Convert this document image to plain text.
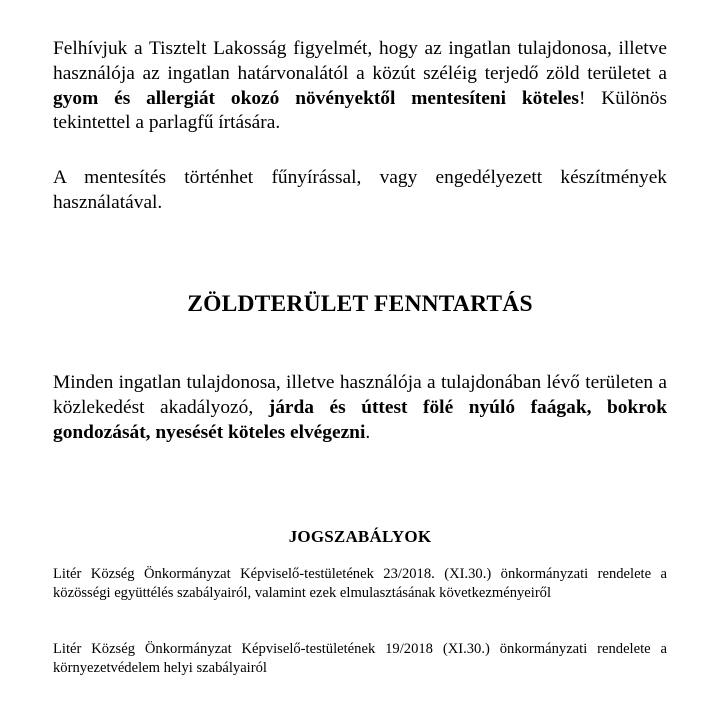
Felhívjuk a Tisztelt Lakosság figyelmét, hogy az ingatlan tulajdonosa, illetve használója az ingatlan határvonalától a közút széléig terjedő zöld területet a gyom és allergiát okozó növényektől mentesíteni köteles! Különös tekintettel a parlagfű írtására.

A mentesítés történhet fűnyírással, vagy engedélyezett készítmények használatával.

ZÖLDTERÜLET FENNTARTÁS

Minden ingatlan tulajdonosa, illetve használója a tulajdonában lévő területen a közlekedést akadályozó, járda és úttest fölé nyúló faágak, bokrok gondozását, nyesését köteles elvégezni.

JOGSZABÁLYOK

Litér Község Önkormányzat Képviselő-testületének 23/2018. (XI.30.) önkormányzati rendelete a közösségi együttélés szabályairól, valamint ezek elmulasztásának következményeiről

Litér Község Önkormányzat Képviselő-testületének 19/2018 (XI.30.) önkormányzati rendelete a környezetvédelem helyi szabályairól
